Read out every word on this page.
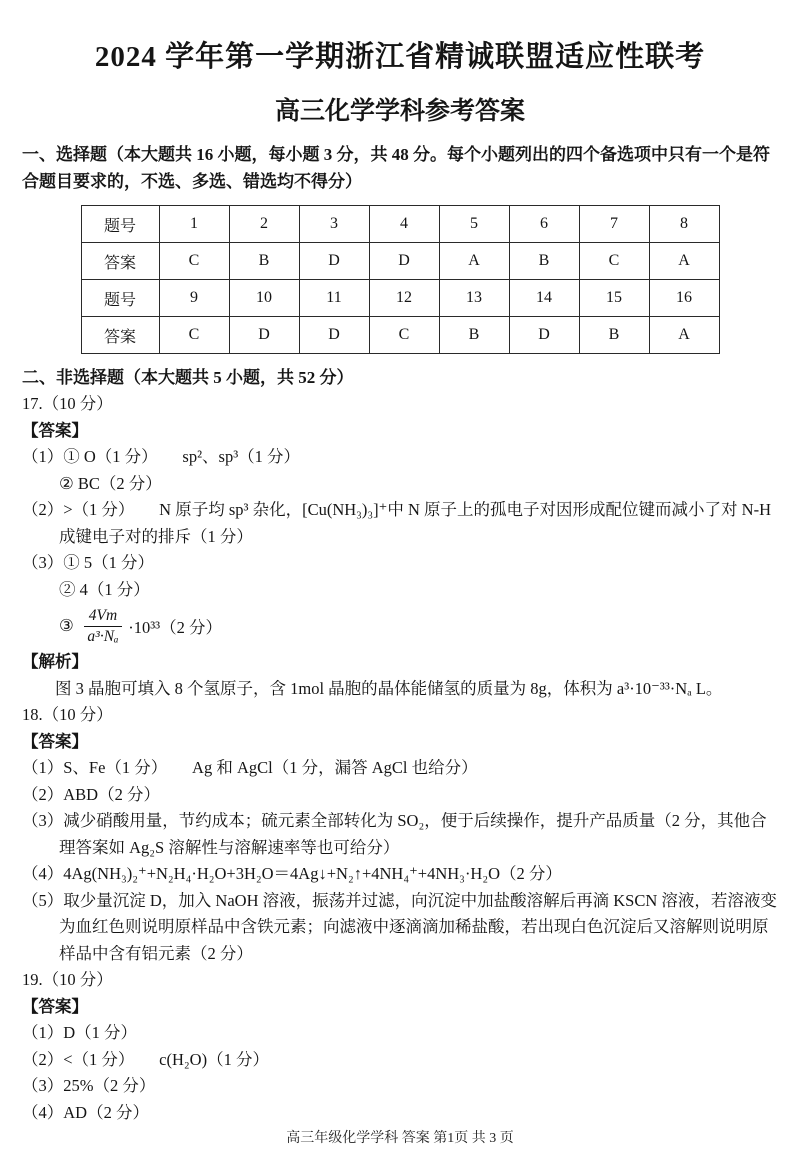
2024 学年第一学期浙江省精诚联盟适应性联考
高三化学学科参考答案

一、选择题（本大题共 16 小题，每小题 3 分，共 48 分。每个小题列出的四个备选项中只有一个是符合题目要求的，不选、多选、错选均不得分）

题号	1	2	3	4	5	6	7	8
答案	C	B	D	D	A	B	C	A
题号	9	10	11	12	13	14	15	16
答案	C	D	D	C	B	D	B	A

二、非选择题（本大题共 5 小题，共 52 分）

17.（10 分）

【答案】

（1）① O（1 分）　　sp²、sp³（1 分）

② BC（2 分）

（2）>（1 分）　　N 原子均 sp³ 杂化，[Cu(NH₃)₃]⁺中 N 原子上的孤电子对因形成配位键而减小了对 N-H 成键电子对的排斥（1 分）

（3）① 5（1 分）

② 4（1 分）

③ $\frac{4Vm}{\text{a³·Nₐ}} \cdot 10^{33}(2$ 分）

【解析】

图 3 晶胞可填入 8 个氢原子，含 1mol 晶胞的晶体能储氢的质量为 8g，体积为 a³·10⁻³³·Nₐ L。

18.（10 分）

【答案】

（1）S、Fe（1 分）　　Ag 和 AgCl（1 分，漏答 AgCl 也给分）

（2）ABD（2 分）

（3）减少硝酸用量，节约成本；硫元素全部转化为 SO₂，便于后续操作，提升产品质量（2 分，其他合理答案如 Ag₂S 溶解性与溶解速率等也可给分）

（4）4Ag(NH₃)₂⁺+N₂H₄·H₂O+3H₂O＝4Ag↓+N₂↑+4NH₄⁺+4NH₃·H₂O（2 分）

（5）取少量沉淀 D，加入 NaOH 溶液，振荡并过滤，向沉淀中加盐酸溶解后再滴 KSCN 溶液，若溶液变为血红色则说明原样品中含铁元素；向滤液中逐滴滴加稀盐酸，若出现白色沉淀后又溶解则说明原样品中含有铝元素（2 分）

19.（10 分）

【答案】

（1）D（1 分）

（2）<（1 分）　　c(H₂O)（1 分）

（3）25%（2 分）

（4）AD（2 分）

高三年级化学学科 答案 第1页 共 3 页
